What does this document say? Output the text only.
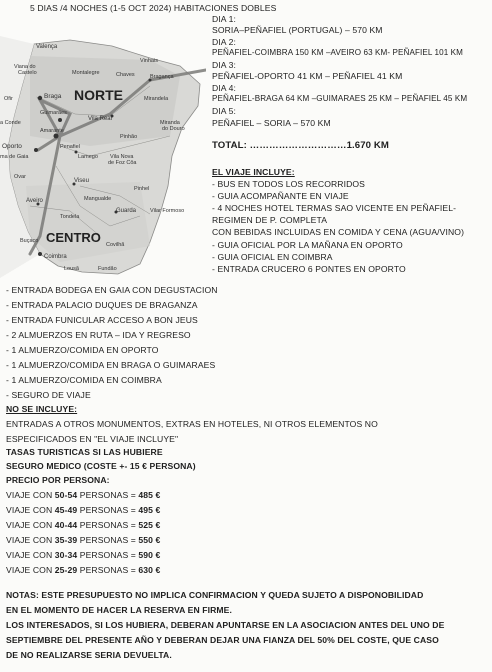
Valença
Viana do
Castelo	Montalegre	Chaves
Vinhais
Bragança
Braga
Vila Real
Mirandela
Miranda
do Douro
Guimarães
Amarante
Oporto	Penafiel
Lamego
Pinhão
Vila Nova
de Foz Côa
Ovar
Viseu
Aveiro
Tondela
Mangualde
Guarda	Vilar Formoso
Pinhel
Buçaco
Coimbra
Lousã
Covilhã
Fundão
Ofir
ma de Gaia
a Conde
NORTE
CENTRO
5 DIAS /4 NOCHES (1-5 OCT 2024) HABITACIONES DOBLES
DIA 1:
SORIA–PEÑAFIEL (PORTUGAL) – 570 KM
DIA 2:
PEÑAFIEL-COIMBRA 150 KM –AVEIRO 63 KM- PEÑAFIEL 101 KM
DIA 3:
PEÑAFIEL-OPORTO 41 KM – PEÑAFIEL 41 KM
DIA 4:
PEÑAFIEL-BRAGA 64 KM –GUIMARAES 25 KM – PEÑAFIEL 45 KM
DIA 5:
PEÑAFIEL – SORIA – 570 KM
TOTAL: …………………………1.670 KM
EL VIAJE INCLUYE:
- BUS EN TODOS LOS RECORRIDOS
- GUIA ACOMPAÑANTE EN VIAJE
- 4 NOCHES HOTEL TERMAS SAO VICENTE EN PEÑAFIEL-
REGIMEN DE P. COMPLETA
CON BEBIDAS INCLUIDAS EN COMIDA Y CENA (AGUA/VINO)
- GUIA OFICIAL POR LA MAÑANA EN OPORTO
- GUIA OFICIAL EN COIMBRA
- ENTRADA CRUCERO 6 PONTES EN OPORTO
- ENTRADA BODEGA EN GAIA CON DEGUSTACION
- ENTRADA PALACIO DUQUES DE BRAGANZA
- ENTRADA FUNICULAR ACCESO A BON JEUS
- 2 ALMUERZOS EN RUTA – IDA Y REGRESO
- 1 ALMUERZO/COMIDA EN OPORTO
- 1 ALMUERZO/COMIDA EN BRAGA O GUIMARAES
- 1 ALMUERZO/COMIDA EN COIMBRA
- SEGURO DE VIAJE
NO SE INCLUYE:
ENTRADAS A OTROS MONUMENTOS, EXTRAS EN HOTELES, NI OTROS ELEMENTOS NO
ESPECIFICADOS EN "EL VIAJE INCLUYE"
TASAS TURISTICAS SI LAS HUBIERE
SEGURO MEDICO (COSTE +- 15 € PERSONA)
PRECIO POR PERSONA:
VIAJE CON 50-54 PERSONAS = 485 €
VIAJE CON 45-49 PERSONAS = 495 €
VIAJE CON 40-44 PERSONAS = 525 €
VIAJE CON 35-39 PERSONAS = 550 €
VIAJE CON 30-34 PERSONAS = 590 €
VIAJE CON 25-29 PERSONAS = 630 €
NOTAS: ESTE PRESUPUESTO NO IMPLICA CONFIRMACION Y QUEDA SUJETO A DISPONOBILIDAD
EN EL MOMENTO DE HACER LA RESERVA EN FIRME.
LOS INTERESADOS, SI LOS HUBIERA, DEBERAN APUNTARSE EN LA ASOCIACION ANTES DEL UNO DE
SEPTIEMBRE DEL PRESENTE AÑO Y DEBERAN DEJAR UNA FIANZA DEL 50% DEL COSTE, QUE CASO
DE NO REALIZARSE SERIA DEVUELTA.
